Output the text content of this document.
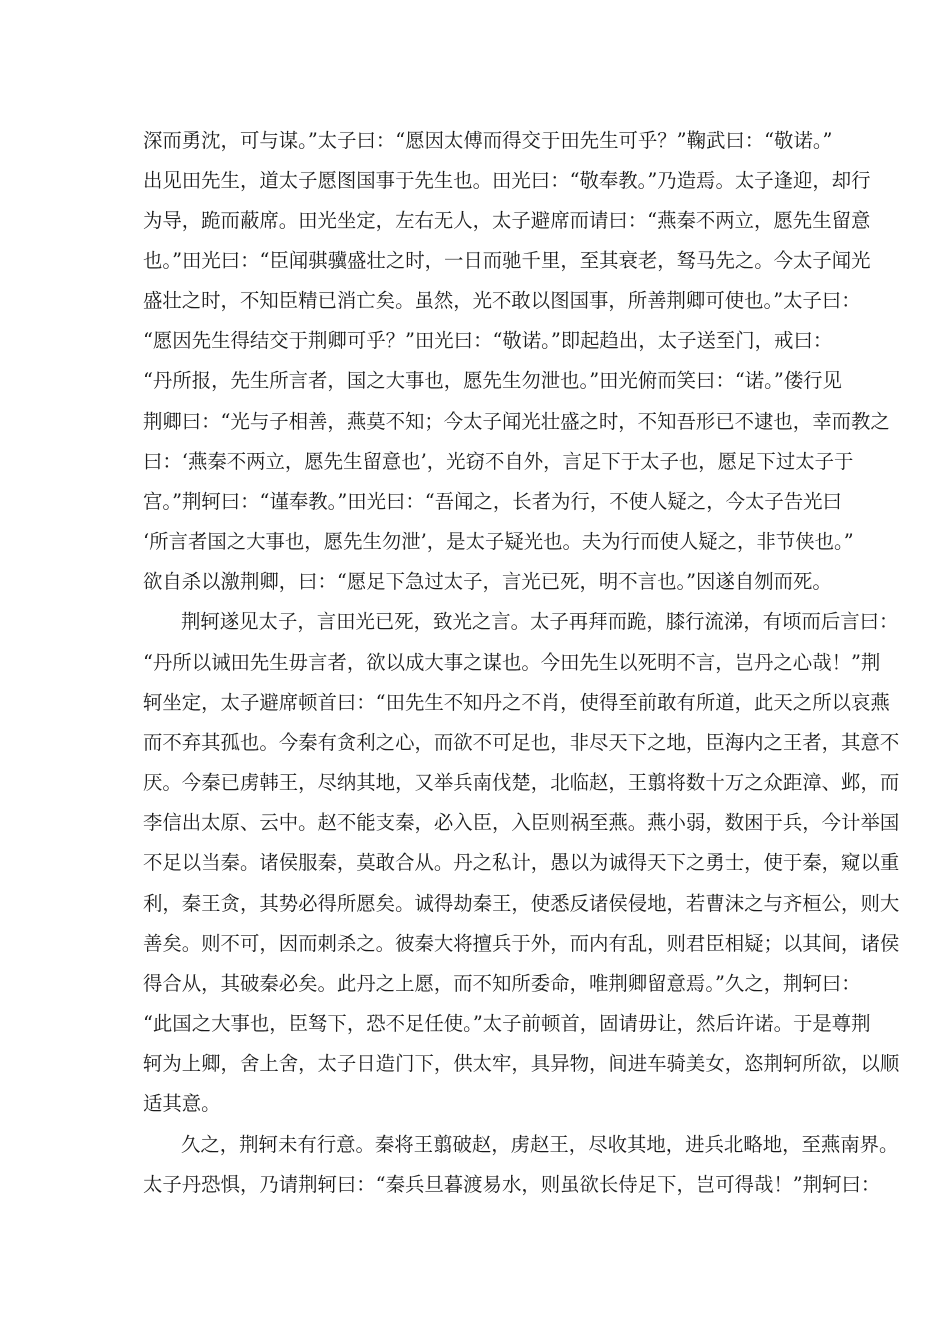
深而勇沈，可与谋。”太子曰：“愿因太傅而得交于田先生可乎？”鞠武曰：“敬诺。”
出见田先生，道太子愿图国事于先生也。田光曰：“敬奉教。”乃造焉。太子逢迎，却行
为导，跪而蔽席。田光坐定，左右无人，太子避席而请曰：“燕秦不两立，愿先生留意
也。”田光曰：“臣闻骐骥盛壮之时，一日而驰千里，至其衰老，驽马先之。今太子闻光
盛壮之时，不知臣精已消亡矣。虽然，光不敢以图国事，所善荆卿可使也。”太子曰：
“愿因先生得结交于荆卿可乎？”田光曰：“敬诺。”即起趋出，太子送至门，戒曰：
“丹所报，先生所言者，国之大事也，愿先生勿泄也。”田光俯而笑曰：“诺。”偻行见
荆卿曰：“光与子相善，燕莫不知；今太子闻光壮盛之时，不知吾形已不逮也，幸而教之
曰：‘燕秦不两立，愿先生留意也’，光窃不自外，言足下于太子也，愿足下过太子于
宫。”荆轲曰：“谨奉教。”田光曰：“吾闻之，长者为行，不使人疑之，今太子告光曰
‘所言者国之大事也，愿先生勿泄’，是太子疑光也。夫为行而使人疑之，非节侠也。”
欲自杀以激荆卿，曰：“愿足下急过太子，言光已死，明不言也。”因遂自刎而死。
荆轲遂见太子，言田光已死，致光之言。太子再拜而跪，膝行流涕，有顷而后言曰：
“丹所以诫田先生毋言者，欲以成大事之谋也。今田先生以死明不言，岂丹之心哉！”荆
轲坐定，太子避席顿首曰：“田先生不知丹之不肖，使得至前敢有所道，此天之所以哀燕
而不弃其孤也。今秦有贪利之心，而欲不可足也，非尽天下之地，臣海内之王者，其意不
厌。今秦已虏韩王，尽纳其地，又举兵南伐楚，北临赵，王翦将数十万之众距漳、邺，而
李信出太原、云中。赵不能支秦，必入臣，入臣则祸至燕。燕小弱，数困于兵，今计举国
不足以当秦。诸侯服秦，莫敢合从。丹之私计，愚以为诚得天下之勇士，使于秦，窥以重
利，秦王贪，其势必得所愿矣。诚得劫秦王，使悉反诸侯侵地，若曹沫之与齐桓公，则大
善矣。则不可，因而刺杀之。彼秦大将擅兵于外，而内有乱，则君臣相疑；以其间，诸侯
得合从，其破秦必矣。此丹之上愿，而不知所委命，唯荆卿留意焉。”久之，荆轲曰：
“此国之大事也，臣驽下，恐不足任使。”太子前顿首，固请毋让，然后许诺。于是尊荆
轲为上卿，舍上舍，太子日造门下，供太牢，具异物，间进车骑美女，恣荆轲所欲，以顺
适其意。
久之，荆轲未有行意。秦将王翦破赵，虏赵王，尽收其地，进兵北略地，至燕南界。
太子丹恐惧，乃请荆轲曰：“秦兵旦暮渡易水，则虽欲长侍足下，岂可得哉！”荆轲曰：
